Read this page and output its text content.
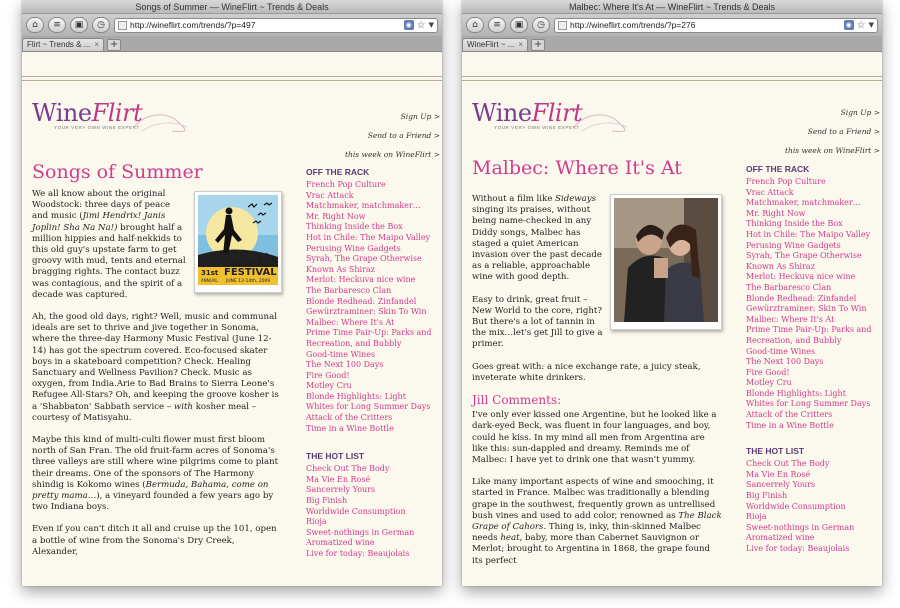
Songs of Summer — WineFlirt ~ Trends & Deals
⌂	≡	▣	◷	http://wineflirt.com/trends/?p=497	◉ ☆ ▼
Flirt ~ Trends & ... × +
WineFlirt
YOUR VERY OWN WINE EXPERT
Sign Up >
Send to a Friend >
this week on WineFlirt >
Songs of Summer
HARMONY
FESTIVAL
31st
ANNUAL JUNE 12-14th, 2009

We all know about the original Woodstock: three days of peace and music (Jimi Hendrix! Janis Joplin! Sha Na Na!) brought half a million hippies and half-nekkids to this old guy's upstate farm to get groovy with mud, tents and eternal bragging rights. The contact buzz was contagious, and the spirit of a decade was captured.

Ah, the good old days, right? Well, music and communal ideals are set to thrive and jive together in Sonoma, where the three-day Harmony Music Festival (June 12-14) has got the spectrum covered. Eco-focused skater boys in a skateboard competition? Check. Healing Sanctuary and Wellness Pavilion? Check. Music as oxygen, from India.Arie to Bad Brains to Sierra Leone's Refugee All-Stars? Oh, and keeping the groove kosher is a 'Shabbaton' Sabbath service – with kosher meal – courtesy of Matisyahu.

Maybe this kind of multi-culti flower must first bloom north of San Fran. The old fruit-farm acres of Sonoma's three valleys are still where wine pilgrims come to plant their dreams. One of the sponsors of The Harmony shindig is Kokomo wines (Bermuda, Bahama, come on pretty mama…), a vineyard founded a few years ago by two Indiana boys.

Even if you can't ditch it all and cruise up the 101, open a bottle of wine from the Sonoma's Dry Creek, Alexander,

OFF THE RACK
French Pop Culture
Vrac Attack
Matchmaker, matchmaker…
Mr. Right Now
Thinking Inside the Box
Hot in Chile: The Maipo Valley
Perusing Wine Gadgets
Syrah, The Grape Otherwise Known As Shiraz
Merlot: Heckuva nice wine
The Barbaresco Clan
Blonde Redhead: Zinfandel
Gewürztraminer: Skin To Win
Malbec: Where It's At
Prime Time Pair-Up: Parks and Recreation, and Bubbly
Good-time Wines
The Next 100 Days
Fire Good!
Motley Cru
Blonde Highlights: Light Whites for Long Summer Days
Attack of the Critters
Time in a Wine Bottle
THE HOT LIST
Check Out The Body
Ma Vie En Rosé
Sancerrely Yours
Big Finish
Worldwide Consumption
Rioja
Sweet-nothings in German
Aromatized wine
Live for today: Beaujolais
Malbec: Where It's At — WineFlirt ~ Trends & Deals
⌂	≡	▣	◷	http://wineflirt.com/trends/?p=276	◉ ☆ ▼
WineFlirt ~ ... × +
WineFlirt
YOUR VERY OWN WINE EXPERT
Sign Up >
Send to a Friend >
this week on WineFlirt >
Malbec: Where It's At

Without a film like Sideways singing its praises, without being name-checked in any Diddy songs, Malbec has staged a quiet American invasion over the past decade as a reliable, approachable wine with good depth.

Easy to drink, great fruit – New World to the core, right? But there's a lot of tannin in the mix…let's get Jill to give a primer.

Goes great with: a nice exchange rate, a juicy steak, inveterate white drinkers.

Jill Comments:

I've only ever kissed one Argentine, but he looked like a dark-eyed Beck, was fluent in four languages, and boy, could he kiss. In my mind all men from Argentina are like this: sun-dappled and dreamy. Reminds me of Malbec: I have yet to drink one that wasn't yummy.

Like many important aspects of wine and smooching, it started in France. Malbec was traditionally a blending grape in the southwest, frequently grown as untrellised bush vines and used to add color, renowned as The Black Grape of Cahors. Thing is, inky, thin-skinned Malbec needs heat, baby, more than Cabernet Sauvignon or Merlot; brought to Argentina in 1868, the grape found its perfect

OFF THE RACK
French Pop Culture
Vrac Attack
Matchmaker, matchmaker…
Mr. Right Now
Thinking Inside the Box
Hot in Chile: The Maipo Valley
Perusing Wine Gadgets
Syrah, The Grape Otherwise Known As Shiraz
Merlot: Heckuva nice wine
The Barbaresco Clan
Blonde Redhead: Zinfandel
Gewürztraminer: Skin To Win
Malbec: Where It's At
Prime Time Pair-Up: Parks and Recreation, and Bubbly
Good-time Wines
The Next 100 Days
Fire Good!
Motley Cru
Blonde Highlights: Light Whites for Long Summer Days
Attack of the Critters
Time in a Wine Bottle
THE HOT LIST
Check Out The Body
Ma Vie En Rosé
Sancerrely Yours
Big Finish
Worldwide Consumption
Rioja
Sweet-nothings in German
Aromatized wine
Live for today: Beaujolais
